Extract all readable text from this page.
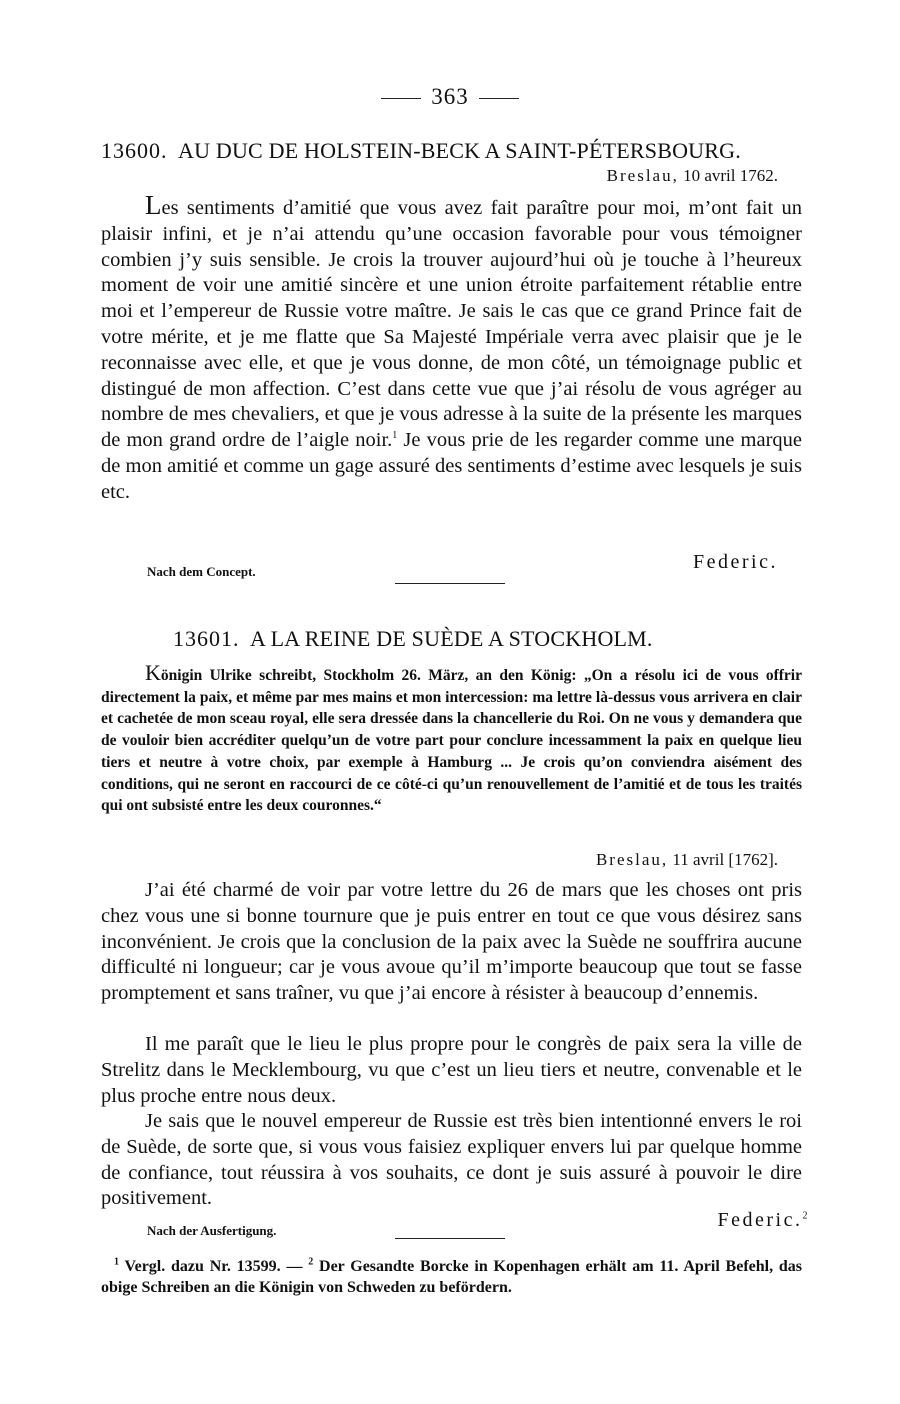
363
13600. AU DUC DE HOLSTEIN-BECK A SAINT-PÉTERSBOURG.
Breslau, 10 avril 1762.
Les sentiments d’amitié que vous avez fait paraître pour moi, m’ont fait un plaisir infini, et je n’ai attendu qu’une occasion favorable pour vous témoigner combien j’y suis sensible. Je crois la trouver aujourd’hui où je touche à l’heureux moment de voir une amitié sincère et une union étroite parfaitement rétablie entre moi et l’empereur de Russie votre maître. Je sais le cas que ce grand Prince fait de votre mérite, et je me flatte que Sa Majesté Impériale verra avec plaisir que je le reconnaisse avec elle, et que je vous donne, de mon côté, un témoignage public et distingué de mon affection. C’est dans cette vue que j’ai résolu de vous agréger au nombre de mes chevaliers, et que je vous adresse à la suite de la présente les marques de mon grand ordre de l’aigle noir.$^1$ Je vous prie de les regarder comme une marque de mon amitié et comme un gage assuré des sentiments d’estime avec lesquels je suis etc.
Nach dem Concept.	Federic.
13601. A LA REINE DE SUÈDE A STOCKHOLM.
Königin Ulrike schreibt, Stockholm 26. März, an den König: „On a résolu ici de vous offrir directement la paix, et même par mes mains et mon intercession: ma lettre là-dessus vous arrivera en clair et cachetée de mon sceau royal, elle sera dressée dans la chancellerie du Roi. On ne vous y demandera que de vouloir bien accréditer quelqu’un de votre part pour conclure incessamment la paix en quelque lieu tiers et neutre à votre choix, par exemple à Hamburg ... Je crois qu’on conviendra aisément des conditions, qui ne seront en raccourci de ce côté-ci qu’un renouvellement de l’amitié et de tous les traités qui ont subsisté entre les deux couronnes.“
Breslau, 11 avril [1762].
J’ai été charmé de voir par votre lettre du 26 de mars que les choses ont pris chez vous une si bonne tournure que je puis entrer en tout ce que vous désirez sans inconvénient. Je crois que la conclusion de la paix avec la Suède ne souffrira aucune difficulté ni longueur; car je vous avoue qu’il m’importe beaucoup que tout se fasse promptement et sans traîner, vu que j’ai encore à résister à beaucoup d’ennemis.
Il me paraît que le lieu le plus propre pour le congrès de paix sera la ville de Strelitz dans le Mecklembourg, vu que c’est un lieu tiers et neutre, convenable et le plus proche entre nous deux.
Je sais que le nouvel empereur de Russie est très bien intentionné envers le roi de Suède, de sorte que, si vous vous faisiez expliquer envers lui par quelque homme de confiance, tout réussira à vos souhaits, ce dont je suis assuré à pouvoir le dire positivement.
Nach der Ausfertigung.	Federic.$^2$
$^1$ Vergl. dazu Nr. 13599. — $^2$ Der Gesandte Borcke in Kopenhagen erhält am 11. April Befehl, das obige Schreiben an die Königin von Schweden zu befördern.
